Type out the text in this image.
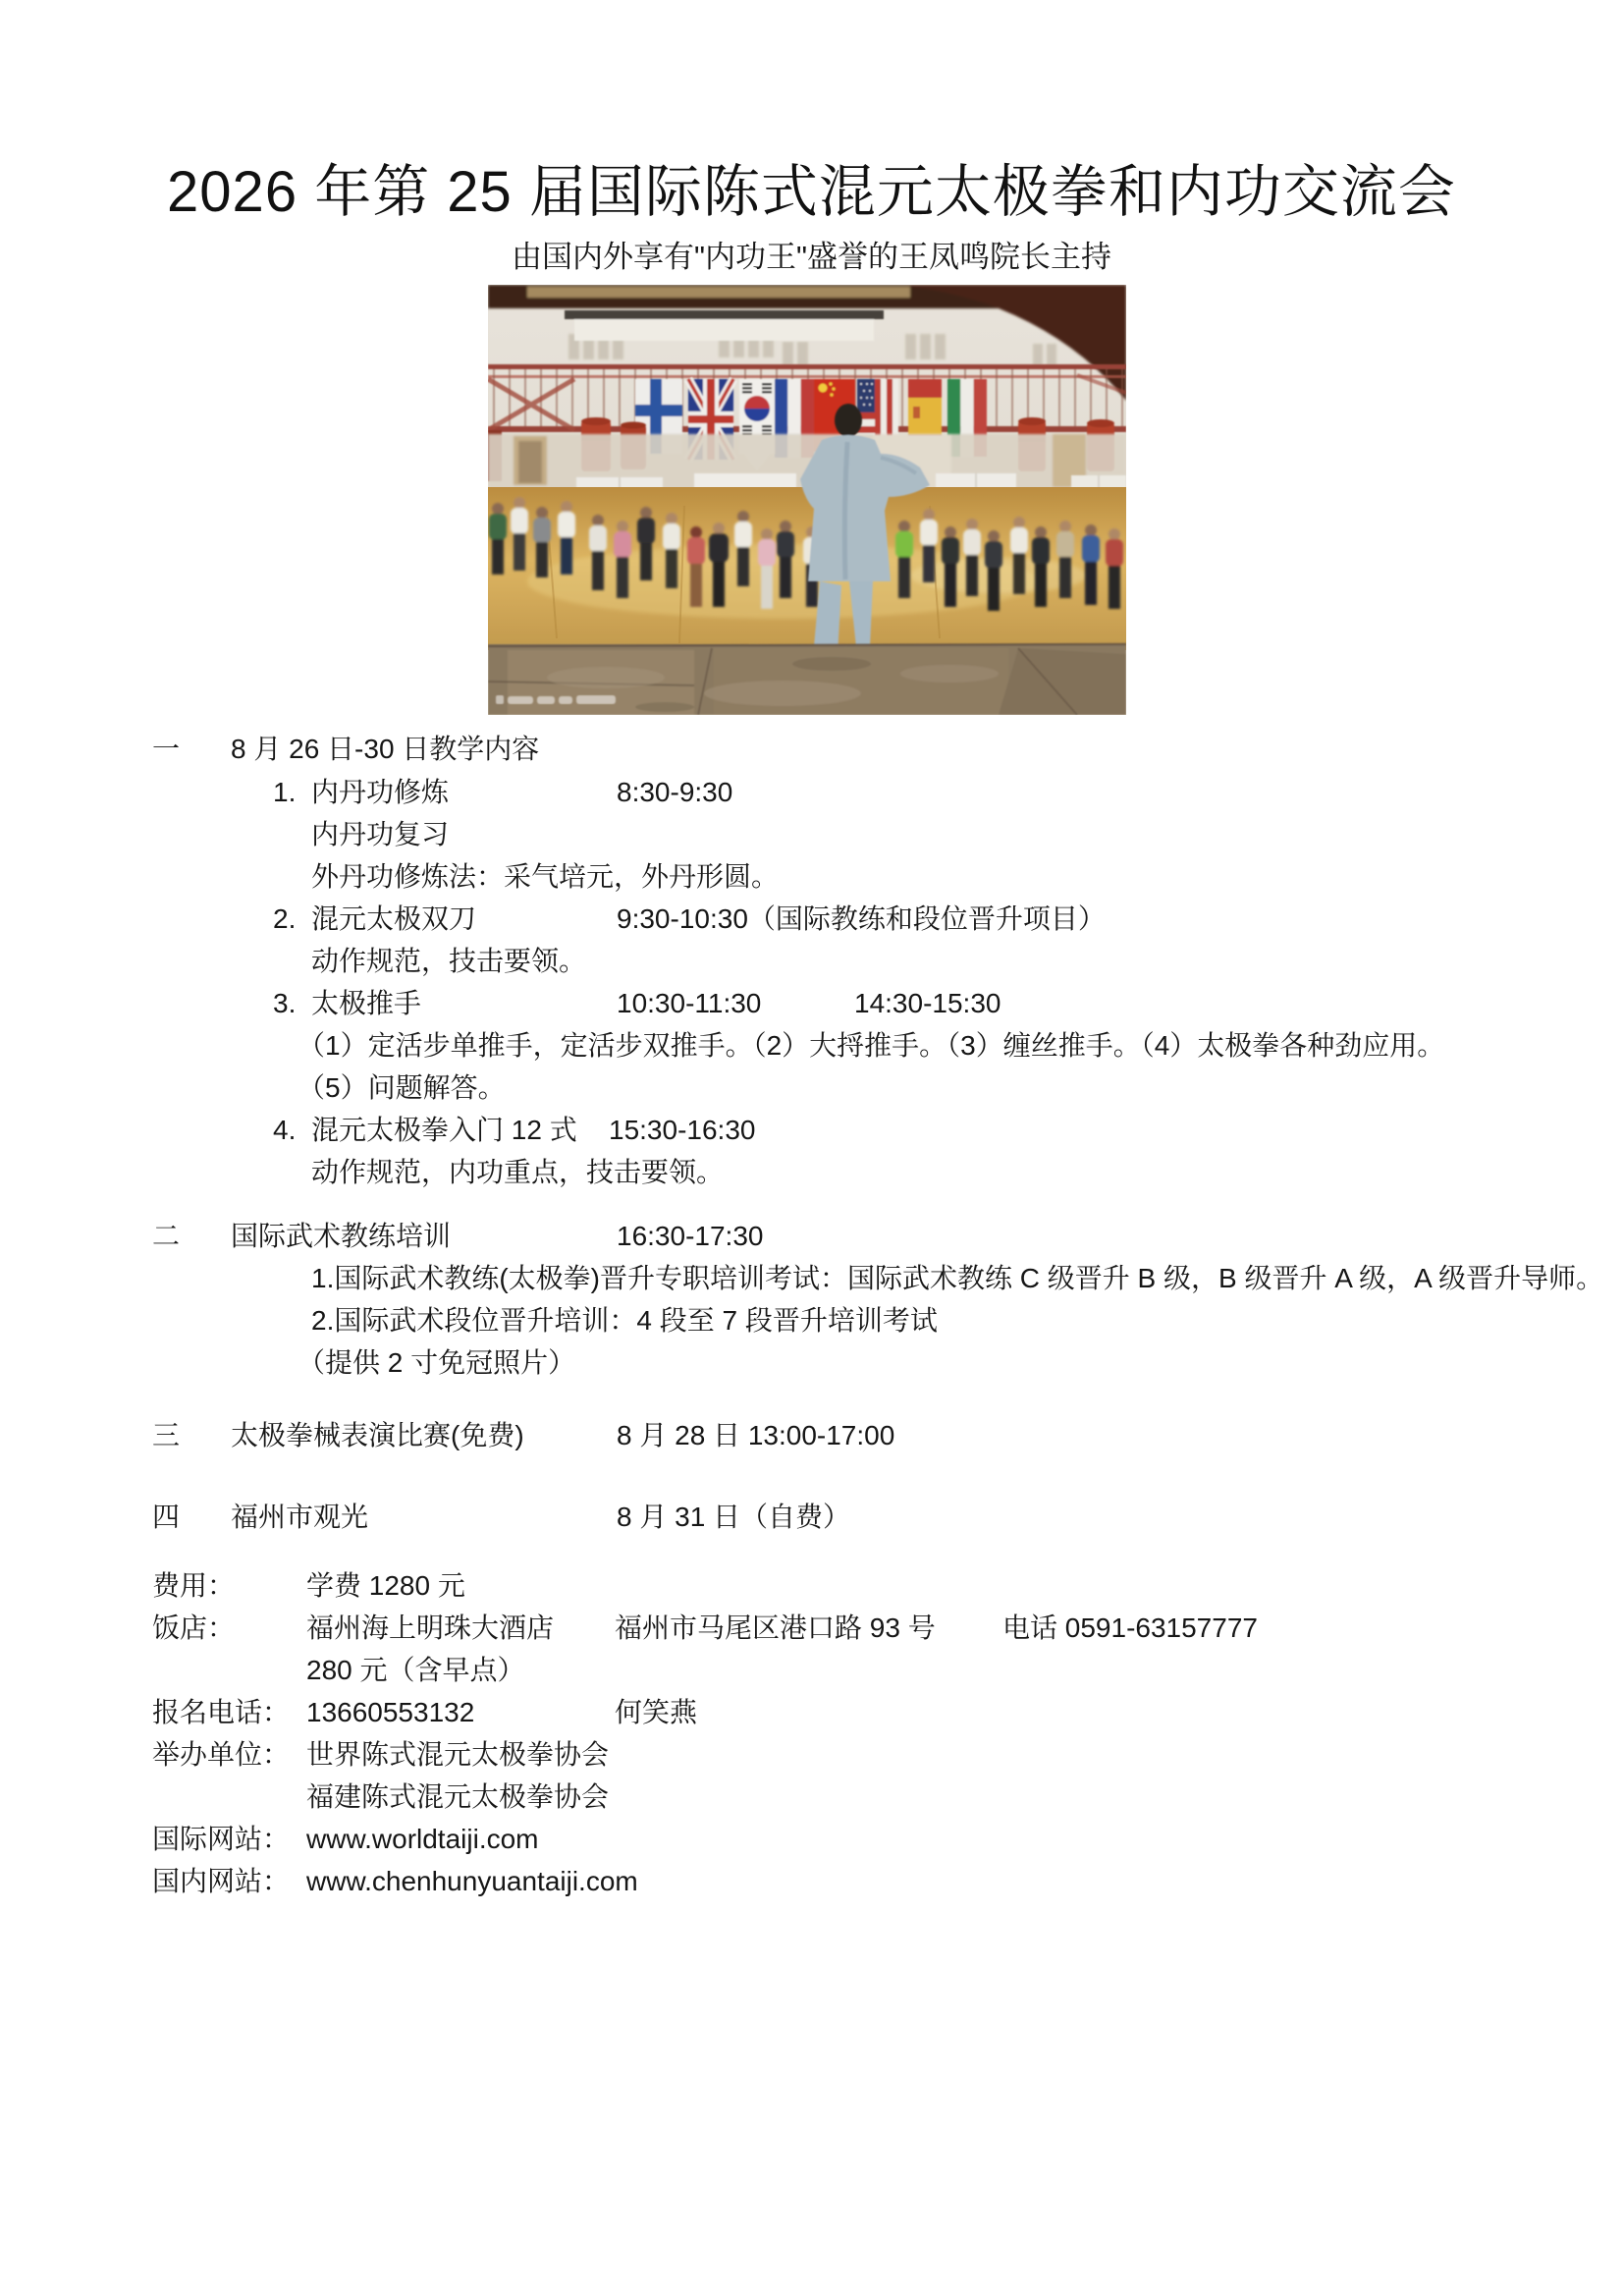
2026 年第 25 届国际陈式混元太极拳和内功交流会
由国内外享有"内功王"盛誉的王凤鸣院长主持
一 8 月 26 日-30 日教学内容
1. 内丹功修炼	8:30-9:30
内丹功复习
外丹功修炼法：采气培元，外丹形圆。
2. 混元太极双刀	9:30-10:30（国际教练和段位晋升项目）
动作规范，技击要领。
3. 太极推手	10:30-11:30	14:30-15:30
（1）定活步单推手，定活步双推手。（2）大捋推手。（3）缠丝推手。（4）太极拳各种劲应用。
（5）问题解答。
4. 混元太极拳入门 12 式 15:30-16:30
动作规范，内功重点，技击要领。
二 国际武术教练培训	16:30-17:30
1.国际武术教练(太极拳)晋升专职培训考试：国际武术教练 C 级晋升 B 级，B 级晋升 A 级，A 级晋升导师。
2.国际武术段位晋升培训：4 段至 7 段晋升培训考试
（提供 2 寸免冠照片）
三 太极拳械表演比赛(免费)	8 月 28 日 13:00-17:00
四 福州市观光	8 月 31 日（自费）
费用：	学费 1280 元
饭店：	福州海上明珠大酒店 福州市马尾区港口路 93 号 电话 0591-63157777
280 元（含早点）
报名电话： 13660553132	何笑燕
举办单位： 世界陈式混元太极拳协会
福建陈式混元太极拳协会
国际网站： www.worldtaiji.com
国内网站： www.chenhunyuantaiji.com
